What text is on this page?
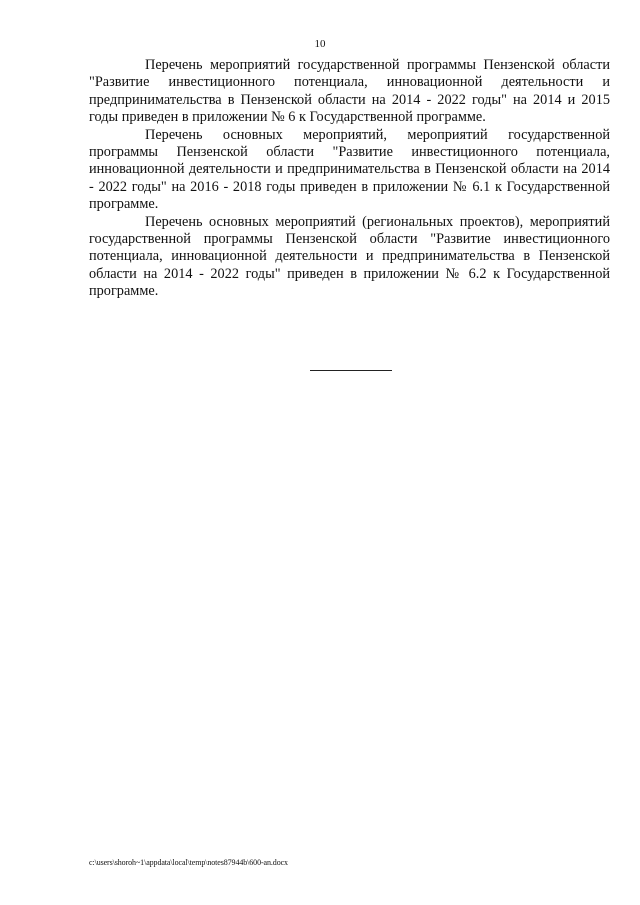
10

Перечень мероприятий государственной программы Пензенской области "Развитие инвестиционного потенциала, инновационной деятельности и предпринимательства в Пензенской области на 2014 - 2022 годы" на 2014 и 2015 годы приведен в приложении № 6 к Государственной программе.

Перечень основных мероприятий, мероприятий государственной программы Пензенской области "Развитие инвестиционного потенциала, инновационной деятельности и предпринимательства в Пензенской области на 2014 - 2022 годы" на 2016 - 2018 годы приведен в приложении № 6.1 к Государственной программе.

Перечень основных мероприятий (региональных проектов), мероприятий государственной программы Пензенской области "Развитие инвестиционного потенциала, инновационной деятельности и предпринимательства в Пензенской области на 2014 - 2022 годы" приведен в приложении № 6.2 к Государственной программе.

c:\users\shoroh~1\appdata\local\temp\notes87944b\600-an.docx
